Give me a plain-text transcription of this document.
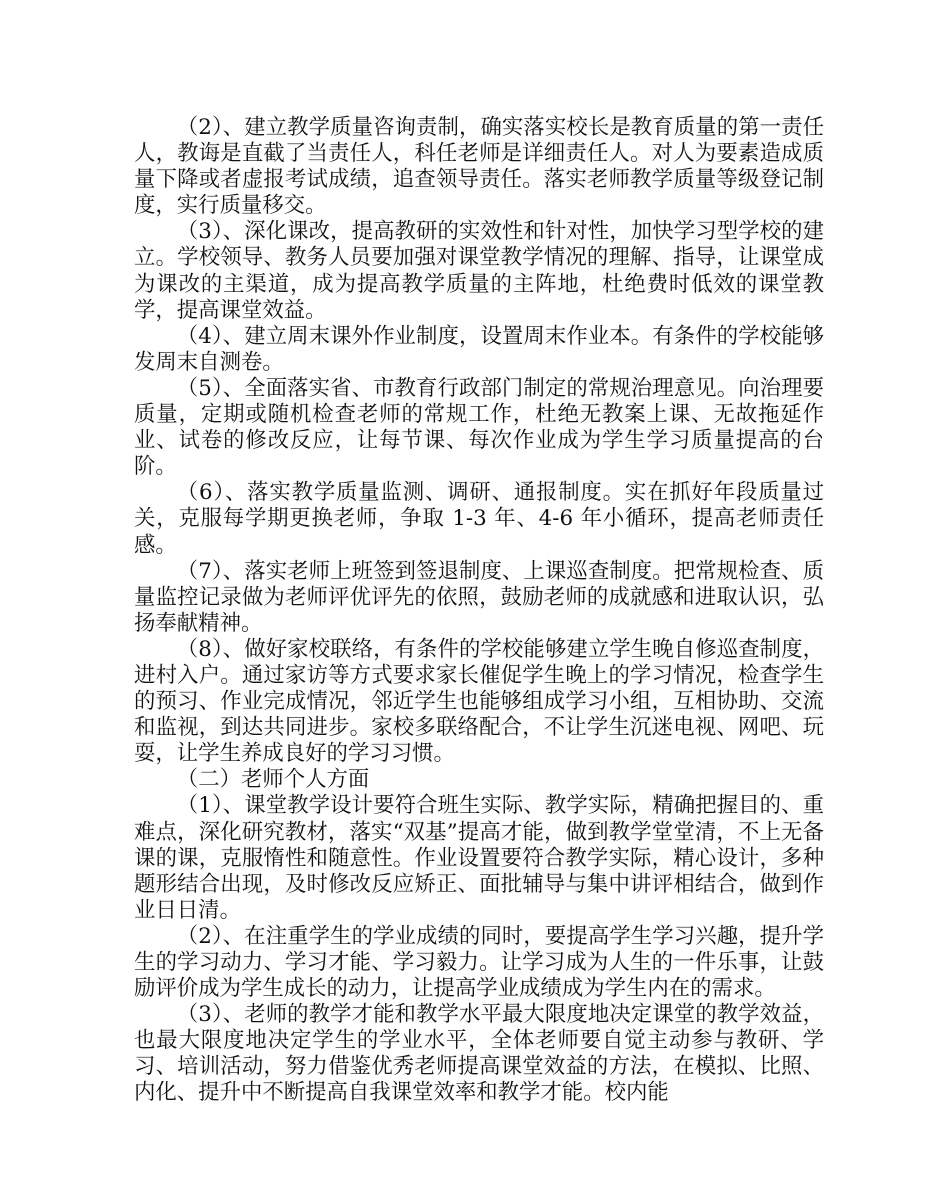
（2）、建立教学质量咨询责制，确实落实校长是教育质量的第一责任人，教诲是直截了当责任人，科任老师是详细责任人。对人为要素造成质量下降或者虚报考试成绩，追查领导责任。落实老师教学质量等级登记制度，实行质量移交。

（3）、深化课改，提高教研的实效性和针对性，加快学习型学校的建立。学校领导、教务人员要加强对课堂教学情况的理解、指导，让课堂成为课改的主渠道，成为提高教学质量的主阵地，杜绝费时低效的课堂教学，提高课堂效益。

（4）、建立周末课外作业制度，设置周末作业本。有条件的学校能够发周末自测卷。

（5）、全面落实省、市教育行政部门制定的常规治理意见。向治理要质量，定期或随机检查老师的常规工作，杜绝无教案上课、无故拖延作业、试卷的修改反应，让每节课、每次作业成为学生学习质量提高的台阶。

（6）、落实教学质量监测、调研、通报制度。实在抓好年段质量过关，克服每学期更换老师，争取 1-3 年、4-6 年小循环，提高老师责任感。

（7）、落实老师上班签到签退制度、上课巡查制度。把常规检查、质量监控记录做为老师评优评先的依照，鼓励老师的成就感和进取认识，弘扬奉献精神。

（8）、做好家校联络，有条件的学校能够建立学生晚自修巡查制度，进村入户。通过家访等方式要求家长催促学生晚上的学习情况，检查学生的预习、作业完成情况，邻近学生也能够组成学习小组，互相协助、交流和监视，到达共同进步。家校多联络配合，不让学生沉迷电视、网吧、玩耍，让学生养成良好的学习习惯。

（二）老师个人方面

（1）、课堂教学设计要符合班生实际、教学实际，精确把握目的、重难点，深化研究教材，落实“双基”提高才能，做到教学堂堂清，不上无备课的课，克服惰性和随意性。作业设置要符合教学实际，精心设计，多种题形结合出现，及时修改反应矫正、面批辅导与集中讲评相结合，做到作业日日清。

（2）、在注重学生的学业成绩的同时，要提高学生学习兴趣，提升学生的学习动力、学习才能、学习毅力。让学习成为人生的一件乐事，让鼓励评价成为学生成长的动力，让提高学业成绩成为学生内在的需求。

（3）、老师的教学才能和教学水平最大限度地决定课堂的教学效益，也最大限度地决定学生的学业水平，全体老师要自觉主动参与教研、学习、培训活动，努力借鉴优秀老师提高课堂效益的方法，在模拟、比照、内化、提升中不断提高自我课堂效率和教学才能。校内能
